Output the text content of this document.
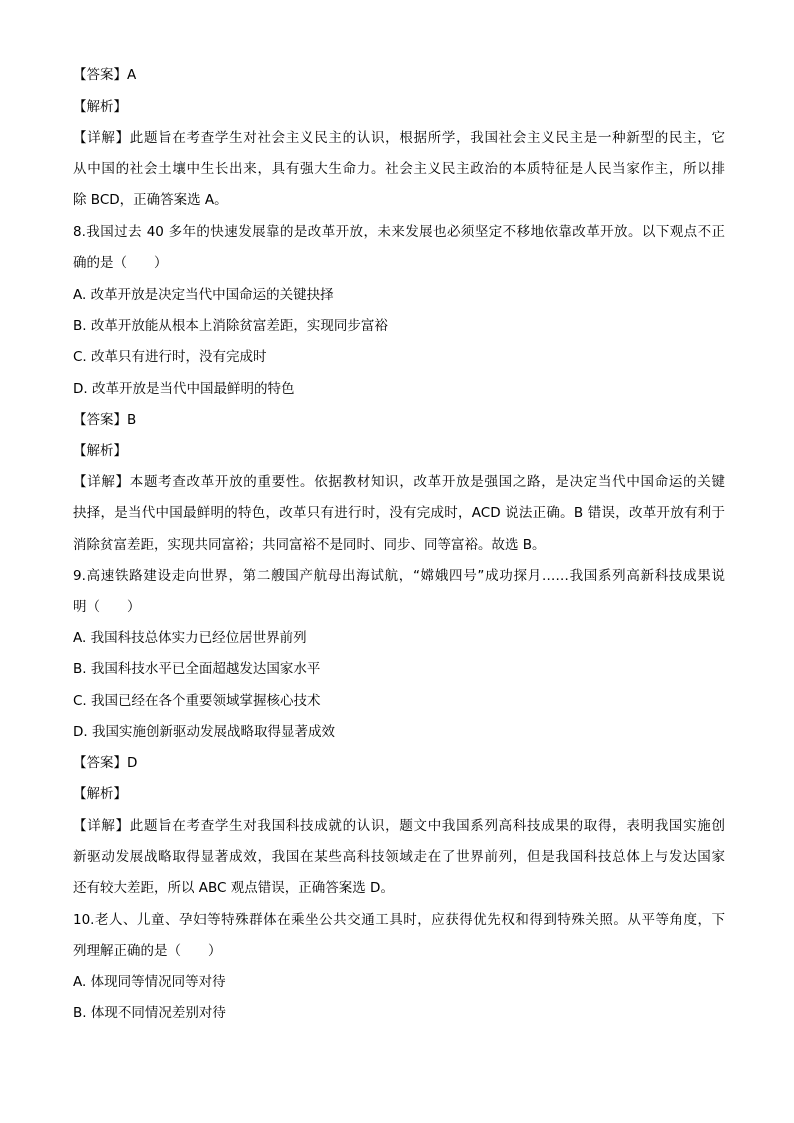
【答案】A
【解析】
【详解】此题旨在考查学生对社会主义民主的认识，根据所学，我国社会主义民主是一种新型的民主，它
从中国的社会土壤中生长出来，具有强大生命力。社会主义民主政治的本质特征是人民当家作主，所以排
除 BCD，正确答案选 A。
8.我国过去 40 多年的快速发展靠的是改革开放，未来发展也必须坚定不移地依靠改革开放。以下观点不正
确的是（　　）
A. 改革开放是决定当代中国命运的关键抉择
B. 改革开放能从根本上消除贫富差距，实现同步富裕
C. 改革只有进行时，没有完成时
D. 改革开放是当代中国最鲜明的特色
【答案】B
【解析】
【详解】本题考查改革开放的重要性。依据教材知识，改革开放是强国之路，是决定当代中国命运的关键
抉择，是当代中国最鲜明的特色，改革只有进行时，没有完成时，ACD 说法正确。B 错误，改革开放有利于
消除贫富差距，实现共同富裕；共同富裕不是同时、同步、同等富裕。故选 B。
9.高速铁路建设走向世界，第二艘国产航母出海试航，“嫦娥四号”成功探月……我国系列高新科技成果说
明（　　）
A. 我国科技总体实力已经位居世界前列
B. 我国科技水平已全面超越发达国家水平
C. 我国已经在各个重要领域掌握核心技术
D. 我国实施创新驱动发展战略取得显著成效
【答案】D
【解析】
【详解】此题旨在考查学生对我国科技成就的认识，题文中我国系列高科技成果的取得，表明我国实施创
新驱动发展战略取得显著成效，我国在某些高科技领域走在了世界前列，但是我国科技总体上与发达国家
还有较大差距，所以 ABC 观点错误，正确答案选 D。
10.老人、儿童、孕妇等特殊群体在乘坐公共交通工具时，应获得优先权和得到特殊关照。从平等角度，下
列理解正确的是（　　）
A. 体现同等情况同等对待
B. 体现不同情况差别对待
